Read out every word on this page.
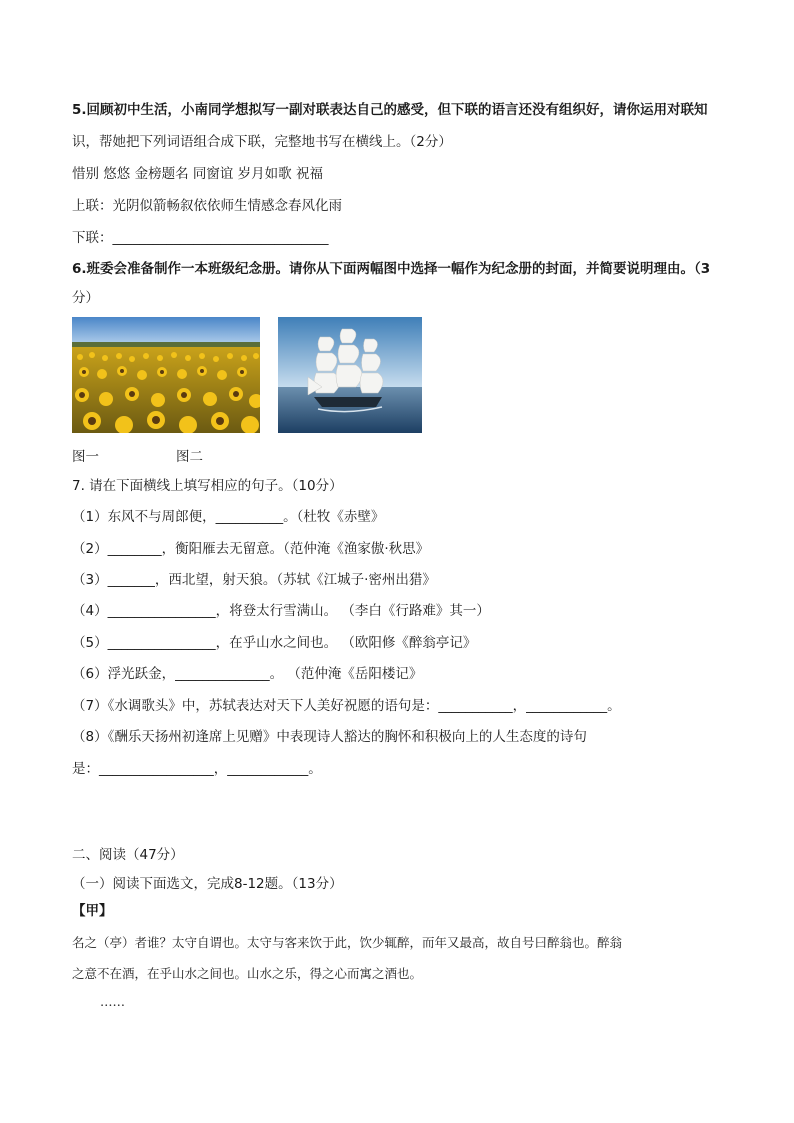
5.回顾初中生活，小南同学想拟写一副对联表达自己的感受，但下联的语言还没有组织好，请你运用对联知
识，帮她把下列词语组合成下联，完整地书写在横线上。（2分）
惜别 悠悠 金榜题名 同窗谊 岁月如歌 祝福
上联：光阴似箭畅叙依依师生情感念春风化雨
下联：________________________________
6.班委会准备制作一本班级纪念册。请你从下面两幅图中选择一幅作为纪念册的封面，并简要说明理由。（3
分）
图一	图二
7. 请在下面横线上填写相应的句子。（10分）
（1）东风不与周郎便，__________。（杜牧《赤壁》
（2）________，衡阳雁去无留意。（范仲淹《渔家傲·秋思》
（3）_______，西北望，射天狼。（苏轼《江城子·密州出猎》
（4）________________，将登太行雪满山。 （李白《行路难》其一）
（5）________________，在乎山水之间也。 （欧阳修《醉翁亭记》
（6）浮光跃金，______________。 （范仲淹《岳阳楼记》
（7）《水调歌头》中，苏轼表达对天下人美好祝愿的语句是：___________，____________。
（8）《酬乐天扬州初逢席上见赠》中表现诗人豁达的胸怀和积极向上的人生态度的诗句
是：_________________，____________。
二、阅读（47分）
（一）阅读下面选文，完成8-12题。（13分）
【甲】
名之（亭）者谁？太守自谓也。太守与客来饮于此，饮少辄醉，而年又最高，故自号曰醉翁也。醉翁
之意不在酒，在乎山水之间也。山水之乐，得之心而寓之酒也。
……
